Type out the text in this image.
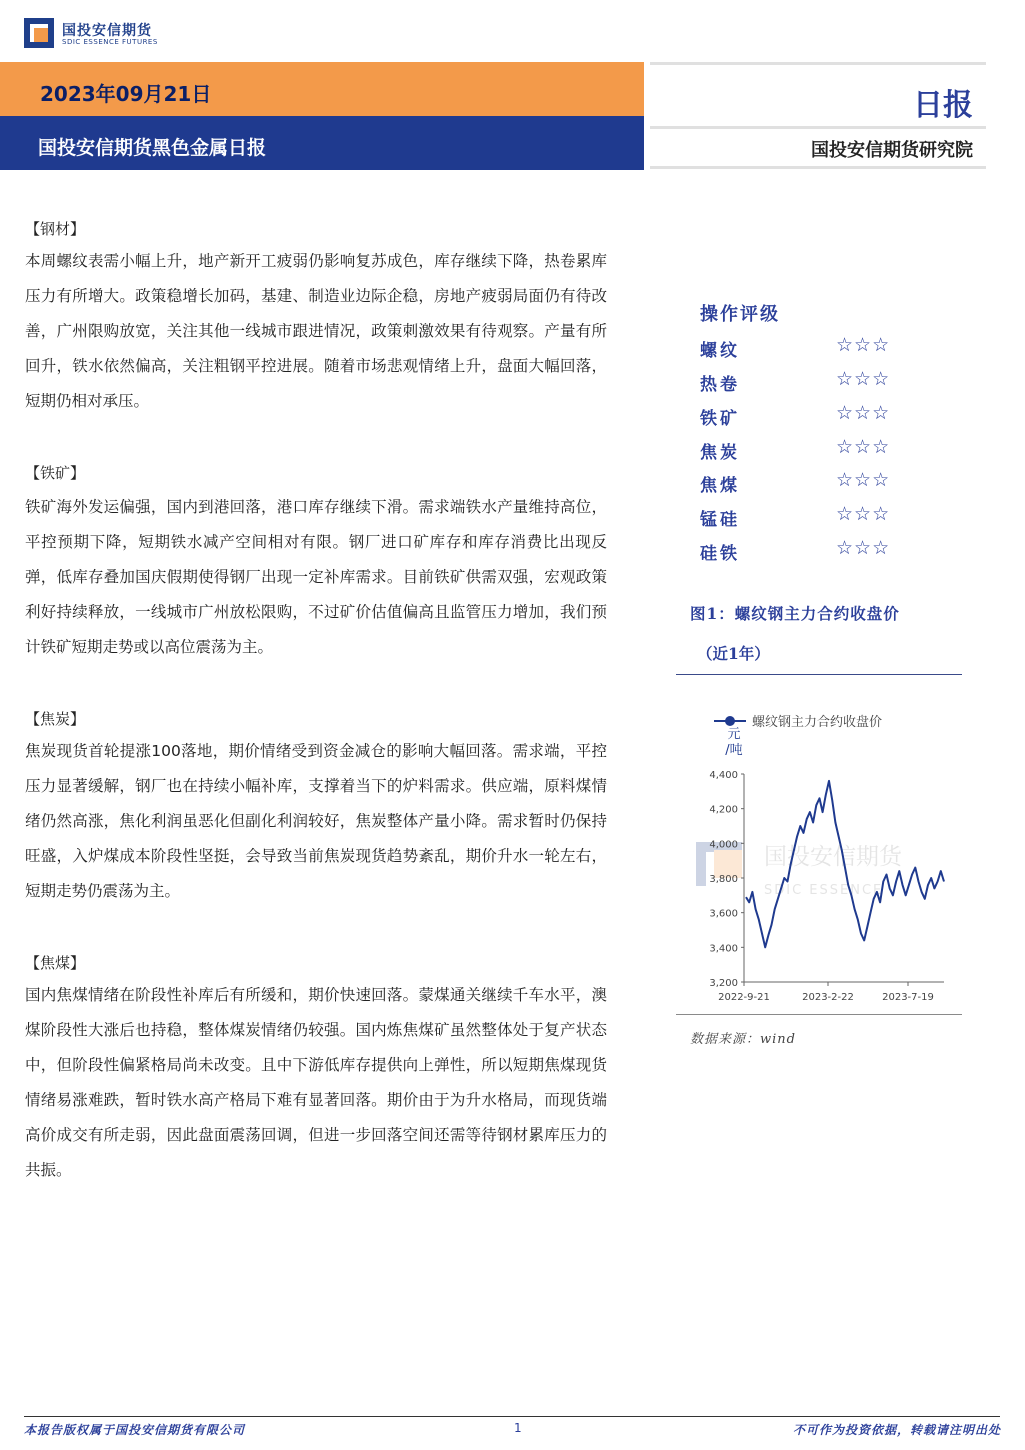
国投安信期货
SDIC ESSENCE FUTURES
2023年09月21日
国投安信期货黑色金属日报
日报
国投安信期货研究院
【钢材】
本周螺纹表需小幅上升，地产新开工疲弱仍影响复苏成色，库存继续下降，热卷累库压力有所增大。政策稳增长加码，基建、制造业边际企稳，房地产疲弱局面仍有待改善，广州限购放宽，关注其他一线城市跟进情况，政策刺激效果有待观察。产量有所回升，铁水依然偏高，关注粗钢平控进展。随着市场悲观情绪上升，盘面大幅回落，短期仍相对承压。
【铁矿】
铁矿海外发运偏强，国内到港回落，港口库存继续下滑。需求端铁水产量维持高位，平控预期下降，短期铁水减产空间相对有限。钢厂进口矿库存和库存消费比出现反弹，低库存叠加国庆假期使得钢厂出现一定补库需求。目前铁矿供需双强，宏观政策利好持续释放，一线城市广州放松限购，不过矿价估值偏高且监管压力增加，我们预计铁矿短期走势或以高位震荡为主。
【焦炭】
焦炭现货首轮提涨100落地，期价情绪受到资金减仓的影响大幅回落。需求端，平控压力显著缓解，钢厂也在持续小幅补库，支撑着当下的炉料需求。供应端，原料煤情绪仍然高涨，焦化利润虽恶化但副化利润较好，焦炭整体产量小降。需求暂时仍保持旺盛，入炉煤成本阶段性坚挺，会导致当前焦炭现货趋势紊乱，期价升水一轮左右，短期走势仍震荡为主。
【焦煤】
国内焦煤情绪在阶段性补库后有所缓和，期价快速回落。蒙煤通关继续千车水平，澳煤阶段性大涨后也持稳，整体煤炭情绪仍较强。国内炼焦煤矿虽然整体处于复产状态中，但阶段性偏紧格局尚未改变。且中下游低库存提供向上弹性，所以短期焦煤现货情绪易涨难跌，暂时铁水高产格局下难有显著回落。期价由于为升水格局，而现货端高价成交有所走弱，因此盘面震荡回调，但进一步回落空间还需等待钢材累库压力的共振。
操作评级
螺纹	☆☆☆
热卷	☆☆☆
铁矿	☆☆☆
焦炭	☆☆☆
焦煤	☆☆☆
锰硅	☆☆☆
硅铁	☆☆☆
图1：螺纹钢主力合约收盘价
（近1年）
国投安信期货
SDIC ESSENCE
螺纹钢主力合约收盘价
元/吨
3,200
3,400
3,600
3,800
4,000
4,200
4,400
2022-9-21	2023-2-22	2023-7-19
数据来源：wind
本报告版权属于国投安信期货有限公司	1	不可作为投资依据，转载请注明出处
